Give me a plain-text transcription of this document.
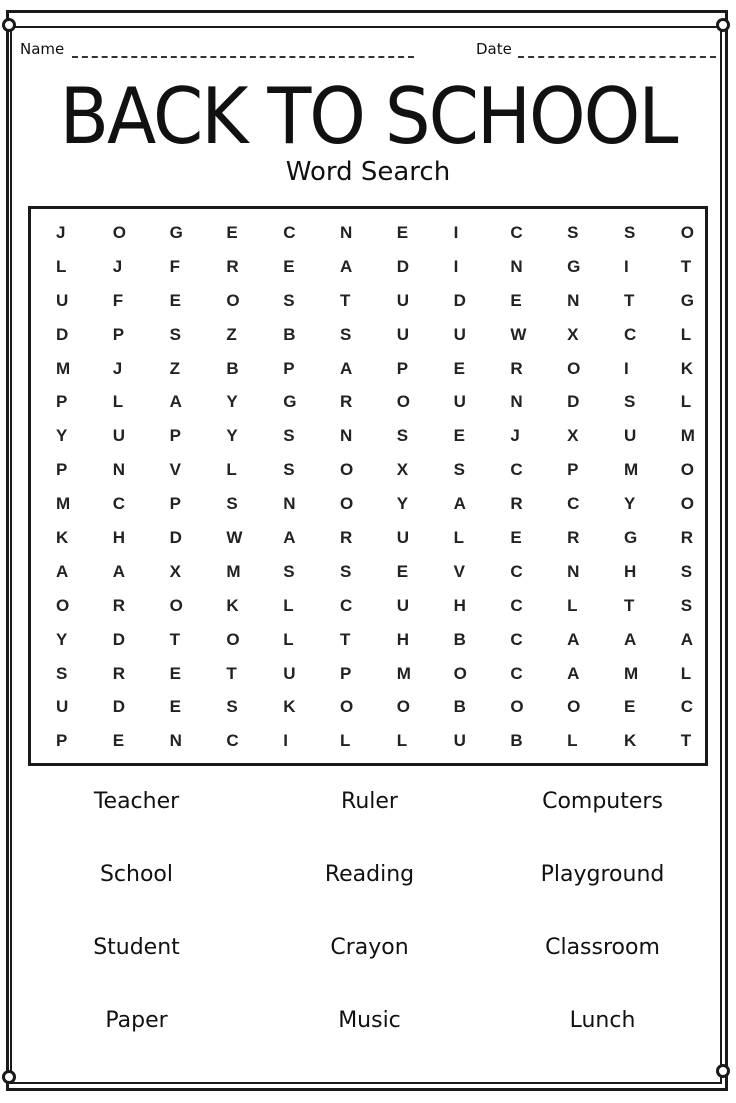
Name	Date
BACK TO SCHOOL
Word Search
J	O	G	E	C	N	E	I	C	S	S	O
L	J	F	R	E	A	D	I	N	G	I	T
U	F	E	O	S	T	U	D	E	N	T	G
D	P	S	Z	B	S	U	U	W	X	C	L
M	J	Z	B	P	A	P	E	R	O	I	K
P	L	A	Y	G	R	O	U	N	D	S	L
Y	U	P	Y	S	N	S	E	J	X	U	M
P	N	V	L	S	O	X	S	C	P	M	O
M	C	P	S	N	O	Y	A	R	C	Y	O
K	H	D	W	A	R	U	L	E	R	G	R
A	A	X	M	S	S	E	V	C	N	H	S
O	R	O	K	L	C	U	H	C	L	T	S
Y	D	T	O	L	T	H	B	C	A	A	A
S	R	E	T	U	P	M	O	C	A	M	L
U	D	E	S	K	O	O	B	O	O	E	C
P	E	N	C	I	L	L	U	B	L	K	T
Teacher	Ruler	Computers
School	Reading	Playground
Student	Crayon	Classroom
Paper	Music	Lunch
